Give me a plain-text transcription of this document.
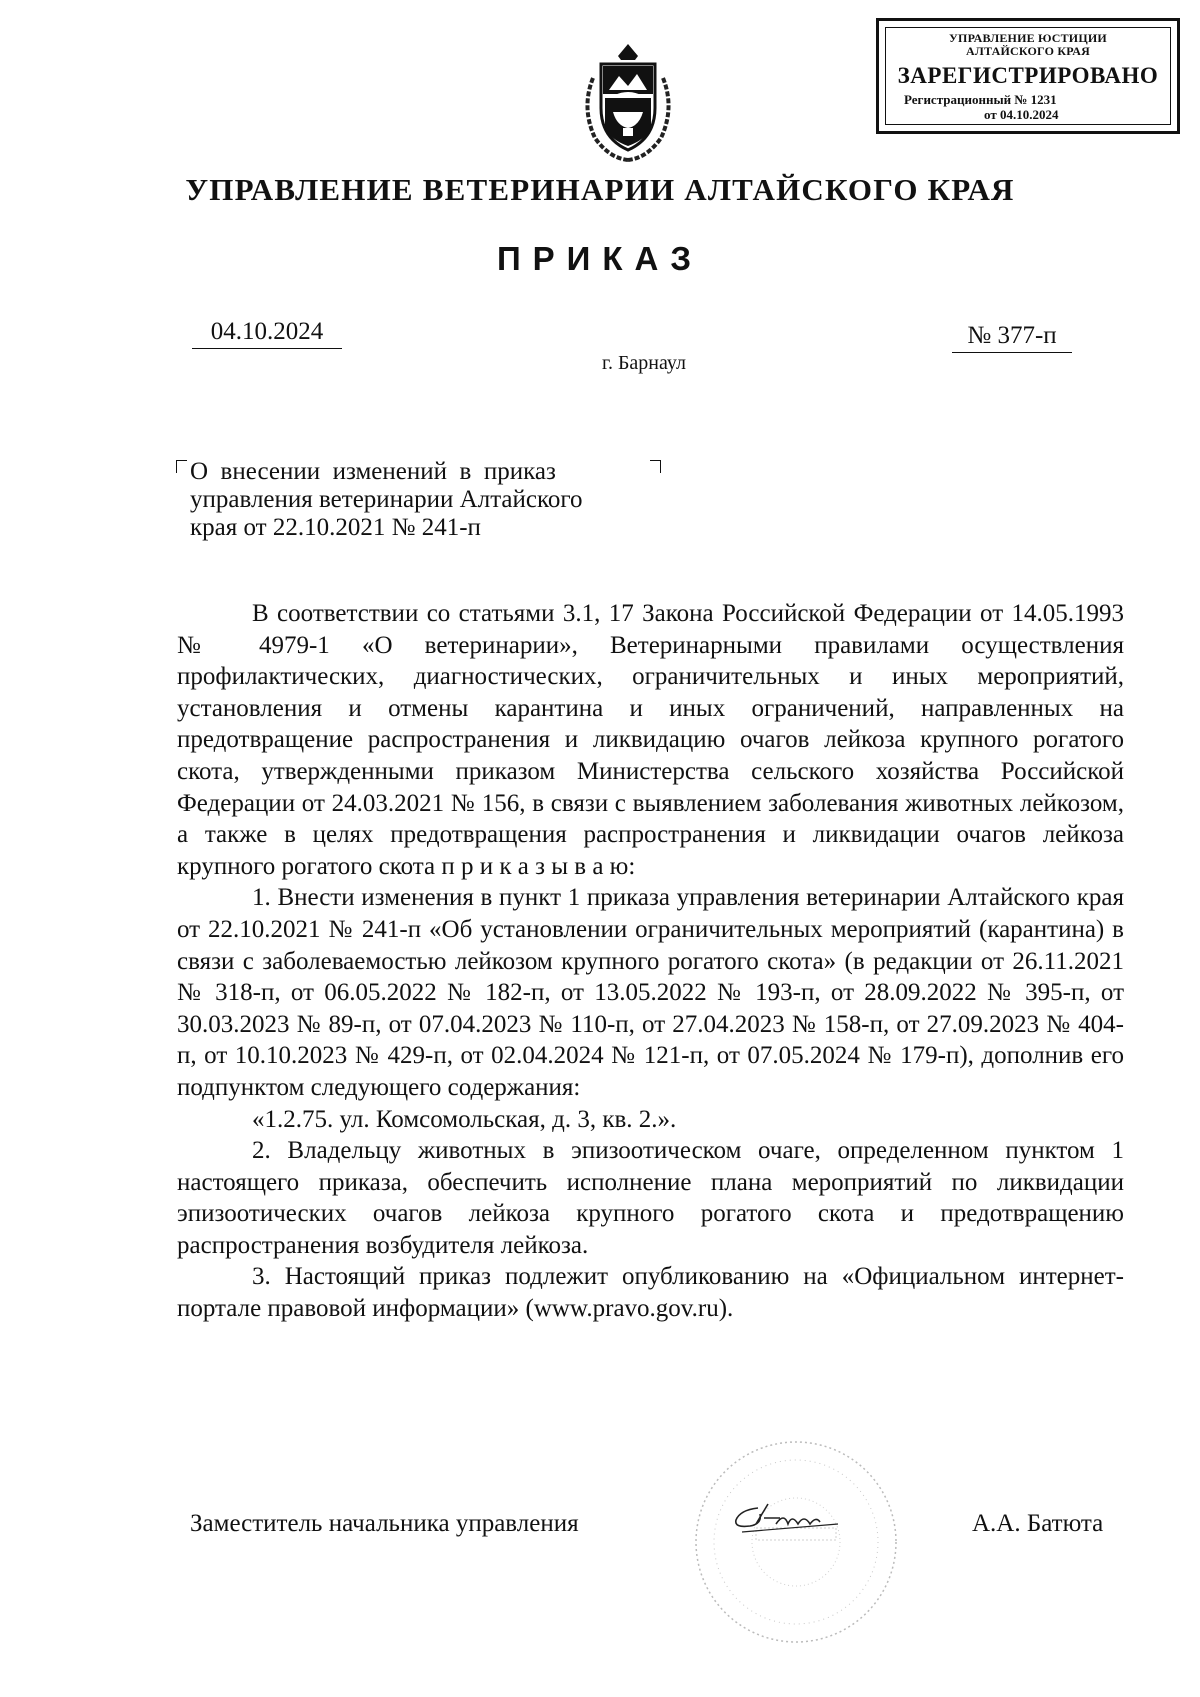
УПРАВЛЕНИЕ ЮСТИЦИИ
АЛТАЙСКОГО КРАЯ
ЗАРЕГИСТРИРОВАНО
Регистрационный № 1231
от 04.10.2024
УПРАВЛЕНИЕ ВЕТЕРИНАРИИ АЛТАЙСКОГО КРАЯ
ПРИКАЗ
04.10.2024	№ 377-п
г. Барнаул
О  внесении  изменений  в  приказ
управления ветеринарии Алтайского
края от 22.10.2021 № 241-п

В соответствии со статьями 3.1, 17 Закона Российской Федерации от 14.05.1993 № 4979-1 «О ветеринарии», Ветеринарными правилами осуществления профилактических, диагностических, ограничительных и иных мероприятий, установления и отмены карантина и иных ограничений, направленных на предотвращение распространения и ликвидацию очагов лейкоза крупного рогатого скота, утвержденными приказом Министерства сельского хозяйства Российской Федерации от 24.03.2021 № 156, в связи с выявлением заболевания животных лейкозом, а также в целях предотвращения распространения и ликвидации очагов лейкоза крупного рогатого скота п р и к а з ы в а ю:

1. Внести изменения в пункт 1 приказа управления ветеринарии Алтайского края от 22.10.2021 № 241-п «Об установлении ограничительных мероприятий (карантина) в связи с заболеваемостью лейкозом крупного рогатого скота» (в редакции от 26.11.2021 № 318-п, от 06.05.2022 № 182-п, от 13.05.2022 № 193-п, от 28.09.2022 № 395-п, от 30.03.2023 № 89-п, от 07.04.2023 № 110-п, от 27.04.2023 № 158-п, от 27.09.2023 № 404-п, от 10.10.2023 № 429-п, от 02.04.2024 № 121-п, от 07.05.2024 № 179-п), дополнив его подпунктом следующего содержания:

«1.2.75. ул. Комсомольская, д. 3, кв. 2.».

2. Владельцу животных в эпизоотическом очаге, определенном пунктом 1 настоящего приказа, обеспечить исполнение плана мероприятий по ликвидации эпизоотических очагов лейкоза крупного рогатого скота и предотвращению распространения возбудителя лейкоза.

3. Настоящий приказ подлежит опубликованию на «Официальном интернет-портале правовой информации» (www.pravo.gov.ru).

Заместитель начальника управления	А.А. Батюта
